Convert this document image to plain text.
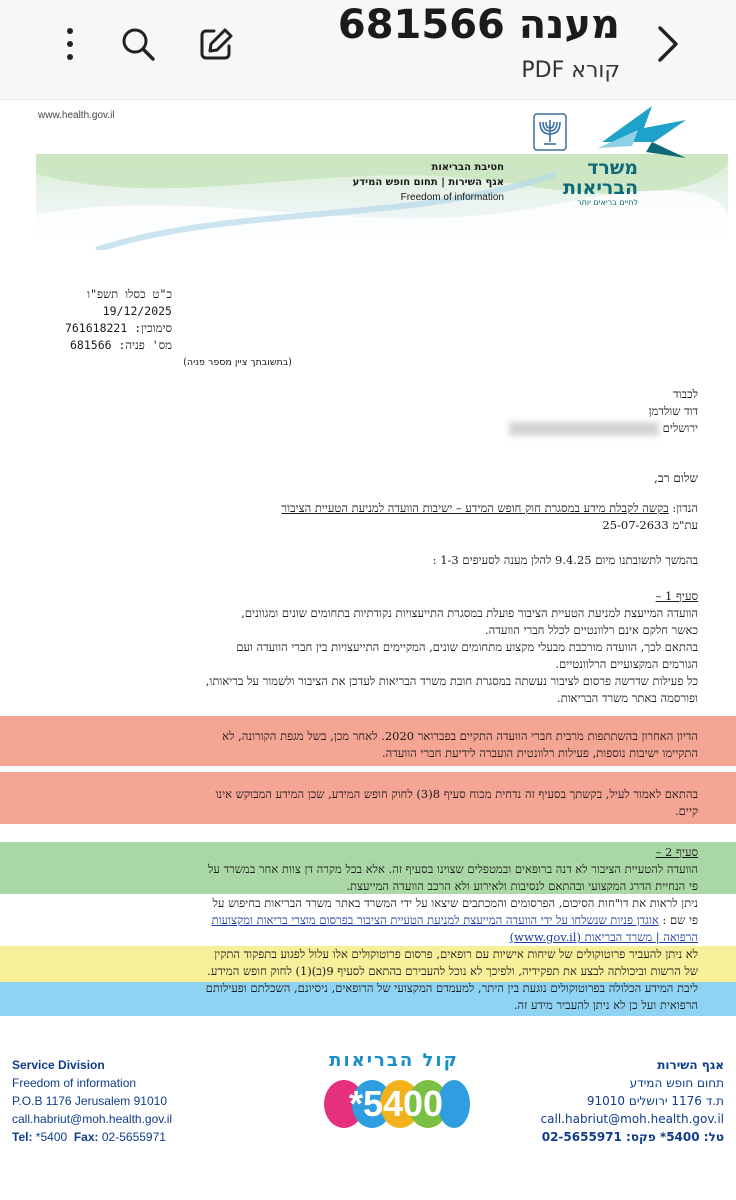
מענה 681566
קורא PDF
www.health.gov.il
משרד הבריאות
לחיים בריאים יותר
חטיבת הבריאות
אגף השירות | תחום חופש המידע
Freedom of information
כ"ט כסלו תשפ"ו
19/12/2025
סימוכין: 761618221
מס' פניה: 681566
(בתשובתך ציין מספר פניה)
לכבוד
דוד שולדמן
ירושלים
שלום רב,
הנדון: בקשה לקבלת מידע במסגרת חוק חופש המידע – ישיבות הוועדה למניעת הטעיית הציבור
עת"מ 25-07-2633
בהמשך לתשובתנו מיום 9.4.25 להלן מענה לסעיפים 1-3 :
סעיף 1 –
הוועדה המייעצת למניעת הטעיית הציבור פועלת במסגרת התייעצויות נקודתיות בתחומים שונים ומגוונים,
כאשר חלקם אינם רלוונטיים לכלל חברי הוועדה.
בהתאם לכך, הוועדה מורכבת מבעלי מקצוע מתחומים שונים, המקיימים התייעצויות בין חברי הוועדה ועם
הגורמים המקצועיים הרלוונטיים.
כל פעילות שדרשה פרסום לציבור נעשתה במסגרת חובת משרד הבריאות לעדכן את הציבור ולשמור על בריאותו,
ופורסמה באתר משרד הבריאות.
הדיון האחרון בהשתתפות מרבית חברי הוועדה התקיים בפברואר 2020. לאחר מכן, בשל מגפת הקורונה, לא
התקיימו ישיבות נוספות, פעילות רלוונטית הועברה לידיעת חברי הוועדה.
בהתאם לאמור לעיל, בקשתך בסעיף זה נדחית מכוח סעיף 8(3) לחוק חופש המידע, שכן המידע המבוקש אינו
קיים.
סעיף 2 –
הוועדה להטעיית הציבור לא דנה ברופאים ובמטפלים שצוינו בסעיף זה. אלא בכל מקרה דן צוות אחר במשרד על
פי הנחיית הדרג המקצועי ובהתאם לנסיבות ולאירוע ולא הרכב הוועדה המייעצת.
ניתן לראות את דו"חות הסיכום, הפרסומים והמכתבים שיצאו על ידי המשרד באתר משרד הבריאות בחיפוש על
פי שם : אוגדן פניות שנשלחו על ידי הוועדה המייעצת למניעת הטעיית הציבור בפרסום מוצרי בריאות ומקצועות
הרפואה | משרד הבריאות (www.gov.il)
לא ניתן להעביר פרוטוקולים של שיחות אישיות עם רופאים, פרסום פרוטוקולים אלו עלול לפגוע בתפקוד התקין
של הרשות וביכולתה לבצע את תפקידיה, ולפיכך לא נוכל להעבירם בהתאם לסעיף 9(ב)(1) לחוק חופש המידע.
ליבת המידע הכלולה בפרוטוקולים נוגעת בין היתר, למעמדם המקצועי של הרופאים, ניסיונם, השכלתם ופעילותם
הרפואית ועל כן לא ניתן להעביר מידע זה.
Service Division
Freedom of information
P.O.B 1176 Jerusalem 91010
call.habriut@moh.health.gov.il
Tel: *5400 Fax: 02-5655971
קול הבריאות
*5400
אגף השירות
תחום חופש המידע
ת.ד 1176 ירושלים 91010
call.habriut@moh.health.gov.il
טל: 5400* פקס: 02-5655971
